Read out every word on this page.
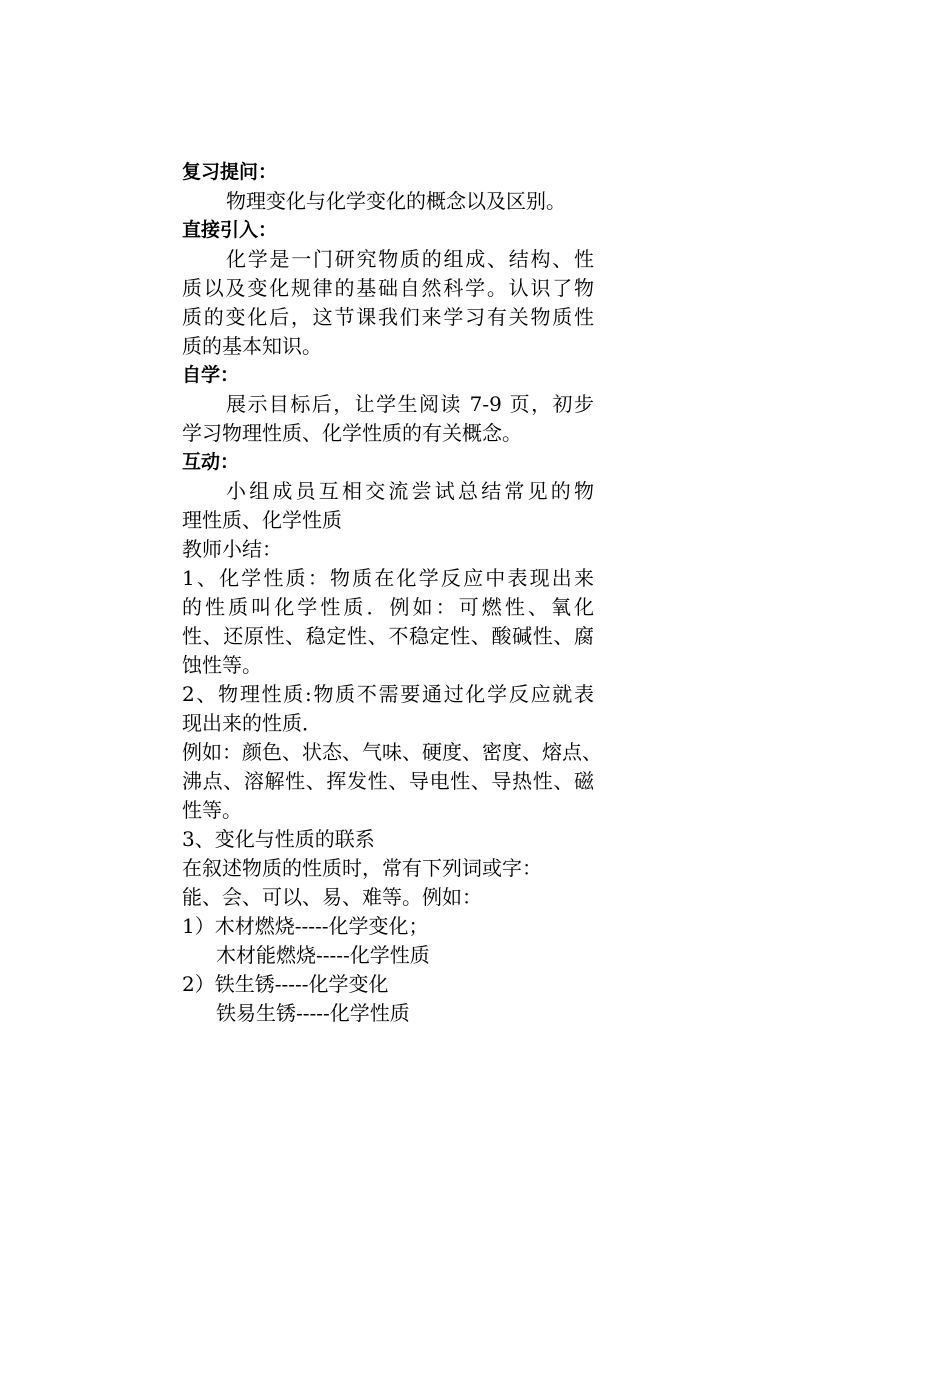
复习提问：
物理变化与化学变化的概念以及区别。
直接引入：
化学是一门研究物质的组成、结构、性
质以及变化规律的基础自然科学。认识了物
质的变化后，这节课我们来学习有关物质性
质的基本知识。
自学：
展示目标后，让学生阅读 7-9 页，初步
学习物理性质、化学性质的有关概念。
互动：
小组成员互相交流尝试总结常见的物
理性质、化学性质
教师小结：
1、化学性质：物质在化学反应中表现出来
的性质叫化学性质．例如：可燃性、氧化
性、还原性、稳定性、不稳定性、酸碱性、腐
蚀性等。
2、物理性质:物质不需要通过化学反应就表
现出来的性质．
例如：颜色、状态、气味、硬度、密度、熔点、
沸点、溶解性、挥发性、导电性、导热性、磁
性等。
3、变化与性质的联系
在叙述物质的性质时，常有下列词或字：
能、会、可以、易、难等。例如：
1）木材燃烧-----化学变化；
木材能燃烧-----化学性质
2）铁生锈-----化学变化
铁易生锈-----化学性质
